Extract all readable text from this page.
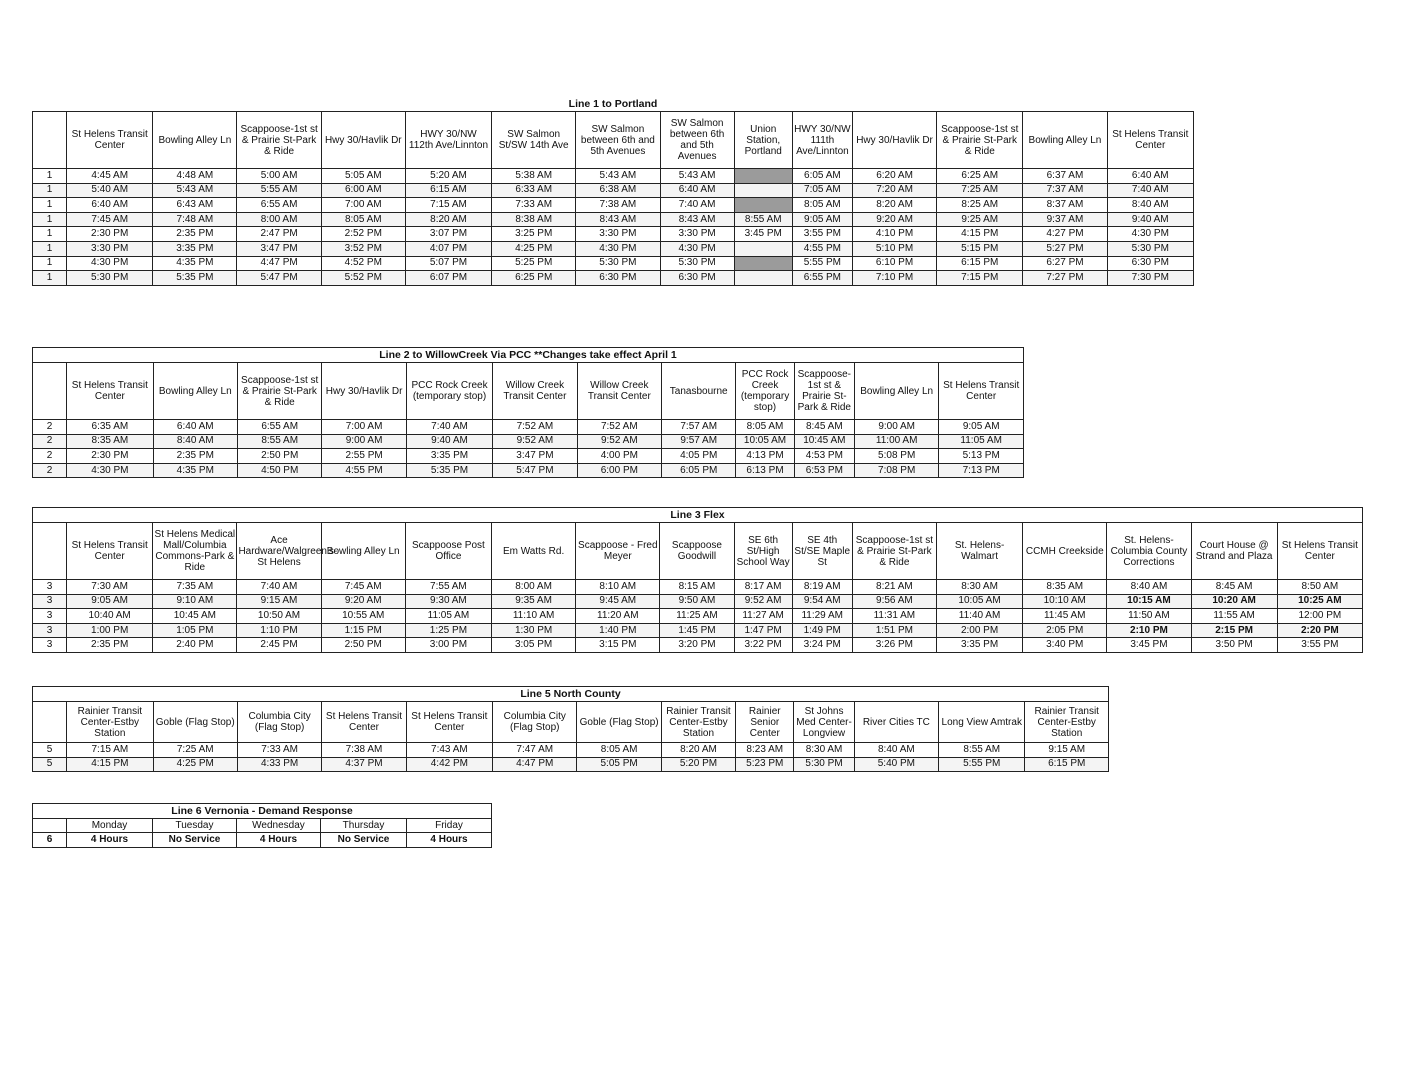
Line 1 to Portland														
	St Helens Transit Center	Bowling Alley Ln	Scappoose-1st st & Prairie St-Park & Ride	Hwy 30/Havlik Dr	HWY 30/NW 112th Ave/Linnton	SW Salmon St/SW 14th Ave	SW Salmon between 6th and 5th Avenues	SW Salmon between 6th and 5th Avenues	Union Station, Portland	HWY 30/NW 111th Ave/Linnton	Hwy 30/Havlik Dr	Scappoose-1st st & Prairie St-Park & Ride	Bowling Alley Ln	St Helens Transit Center
1	4:45 AM	4:48 AM	5:00 AM	5:05 AM	5:20 AM	5:38 AM	5:43 AM	5:43 AM		6:05 AM	6:20 AM	6:25 AM	6:37 AM	6:40 AM
1	5:40 AM	5:43 AM	5:55 AM	6:00 AM	6:15 AM	6:33 AM	6:38 AM	6:40 AM		7:05 AM	7:20 AM	7:25 AM	7:37 AM	7:40 AM
1	6:40 AM	6:43 AM	6:55 AM	7:00 AM	7:15 AM	7:33 AM	7:38 AM	7:40 AM		8:05 AM	8:20 AM	8:25 AM	8:37 AM	8:40 AM
1	7:45 AM	7:48 AM	8:00 AM	8:05 AM	8:20 AM	8:38 AM	8:43 AM	8:43 AM	8:55 AM	9:05 AM	9:20 AM	9:25 AM	9:37 AM	9:40 AM
1	2:30 PM	2:35 PM	2:47 PM	2:52 PM	3:07 PM	3:25 PM	3:30 PM	3:30 PM	3:45 PM	3:55 PM	4:10 PM	4:15 PM	4:27 PM	4:30 PM
1	3:30 PM	3:35 PM	3:47 PM	3:52 PM	4:07 PM	4:25 PM	4:30 PM	4:30 PM		4:55 PM	5:10 PM	5:15 PM	5:27 PM	5:30 PM
1	4:30 PM	4:35 PM	4:47 PM	4:52 PM	5:07 PM	5:25 PM	5:30 PM	5:30 PM		5:55 PM	6:10 PM	6:15 PM	6:27 PM	6:30 PM
1	5:30 PM	5:35 PM	5:47 PM	5:52 PM	6:07 PM	6:25 PM	6:30 PM	6:30 PM		6:55 PM	7:10 PM	7:15 PM	7:27 PM	7:30 PM
Line 2 to WillowCreek Via PCC **Changes take effect April 1												
	St Helens Transit Center	Bowling Alley Ln	Scappoose-1st st & Prairie St-Park & Ride	Hwy 30/Havlik Dr	PCC Rock Creek (temporary stop)	Willow Creek Transit Center	Willow Creek Transit Center	Tanasbourne	PCC Rock Creek (temporary stop)	Scappoose-1st st & Prairie St-Park & Ride	Bowling Alley Ln	St Helens Transit Center
2	6:35 AM	6:40 AM	6:55 AM	7:00 AM	7:40 AM	7:52 AM	7:52 AM	7:57 AM	8:05 AM	8:45 AM	9:00 AM	9:05 AM
2	8:35 AM	8:40 AM	8:55 AM	9:00 AM	9:40 AM	9:52 AM	9:52 AM	9:57 AM	10:05 AM	10:45 AM	11:00 AM	11:05 AM
2	2:30 PM	2:35 PM	2:50 PM	2:55 PM	3:35 PM	3:47 PM	4:00 PM	4:05 PM	4:13 PM	4:53 PM	5:08 PM	5:13 PM
2	4:30 PM	4:35 PM	4:50 PM	4:55 PM	5:35 PM	5:47 PM	6:00 PM	6:05 PM	6:13 PM	6:53 PM	7:08 PM	7:13 PM
Line 3 Flex																
	St Helens Transit Center	St Helens Medical Mall/Columbia Commons-Park & Ride	Ace Hardware/Walgreen's-St Helens	Bowling Alley Ln	Scappoose Post Office	Em Watts Rd.	Scappoose - Fred Meyer	Scappoose Goodwill	SE 6th St/High School Way	SE 4th St/SE Maple St	Scappoose-1st st & Prairie St-Park & Ride	St. Helens-Walmart	CCMH Creekside	St. Helens-Columbia County Corrections	Court House @ Strand and Plaza	St Helens Transit Center
3	7:30 AM	7:35 AM	7:40 AM	7:45 AM	7:55 AM	8:00 AM	8:10 AM	8:15 AM	8:17 AM	8:19 AM	8:21 AM	8:30 AM	8:35 AM	8:40 AM	8:45 AM	8:50 AM
3	9:05 AM	9:10 AM	9:15 AM	9:20 AM	9:30 AM	9:35 AM	9:45 AM	9:50 AM	9:52 AM	9:54 AM	9:56 AM	10:05 AM	10:10 AM	10:15 AM	10:20 AM	10:25 AM
3	10:40 AM	10:45 AM	10:50 AM	10:55 AM	11:05 AM	11:10 AM	11:20 AM	11:25 AM	11:27 AM	11:29 AM	11:31 AM	11:40 AM	11:45 AM	11:50 AM	11:55 AM	12:00 PM
3	1:00 PM	1:05 PM	1:10 PM	1:15 PM	1:25 PM	1:30 PM	1:40 PM	1:45 PM	1:47 PM	1:49 PM	1:51 PM	2:00 PM	2:05 PM	2:10 PM	2:15 PM	2:20 PM
3	2:35 PM	2:40 PM	2:45 PM	2:50 PM	3:00 PM	3:05 PM	3:15 PM	3:20 PM	3:22 PM	3:24 PM	3:26 PM	3:35 PM	3:40 PM	3:45 PM	3:50 PM	3:55 PM
Line 5 North County													
	Rainier Transit Center-Estby Station	Goble (Flag Stop)	Columbia City (Flag Stop)	St Helens Transit Center	St Helens Transit Center	Columbia City (Flag Stop)	Goble (Flag Stop)	Rainier Transit Center-Estby Station	Rainier Senior Center	St Johns Med Center-Longview	River Cities TC	Long View Amtrak	Rainier Transit Center-Estby Station
5	7:15 AM	7:25 AM	7:33 AM	7:38 AM	7:43 AM	7:47 AM	8:05 AM	8:20 AM	8:23 AM	8:30 AM	8:40 AM	8:55 AM	9:15 AM
5	4:15 PM	4:25 PM	4:33 PM	4:37 PM	4:42 PM	4:47 PM	5:05 PM	5:20 PM	5:23 PM	5:30 PM	5:40 PM	5:55 PM	6:15 PM
Line 6 Vernonia - Demand Response					
	Monday	Tuesday	Wednesday	Thursday	Friday
6	4 Hours	No Service	4 Hours	No Service	4 Hours
